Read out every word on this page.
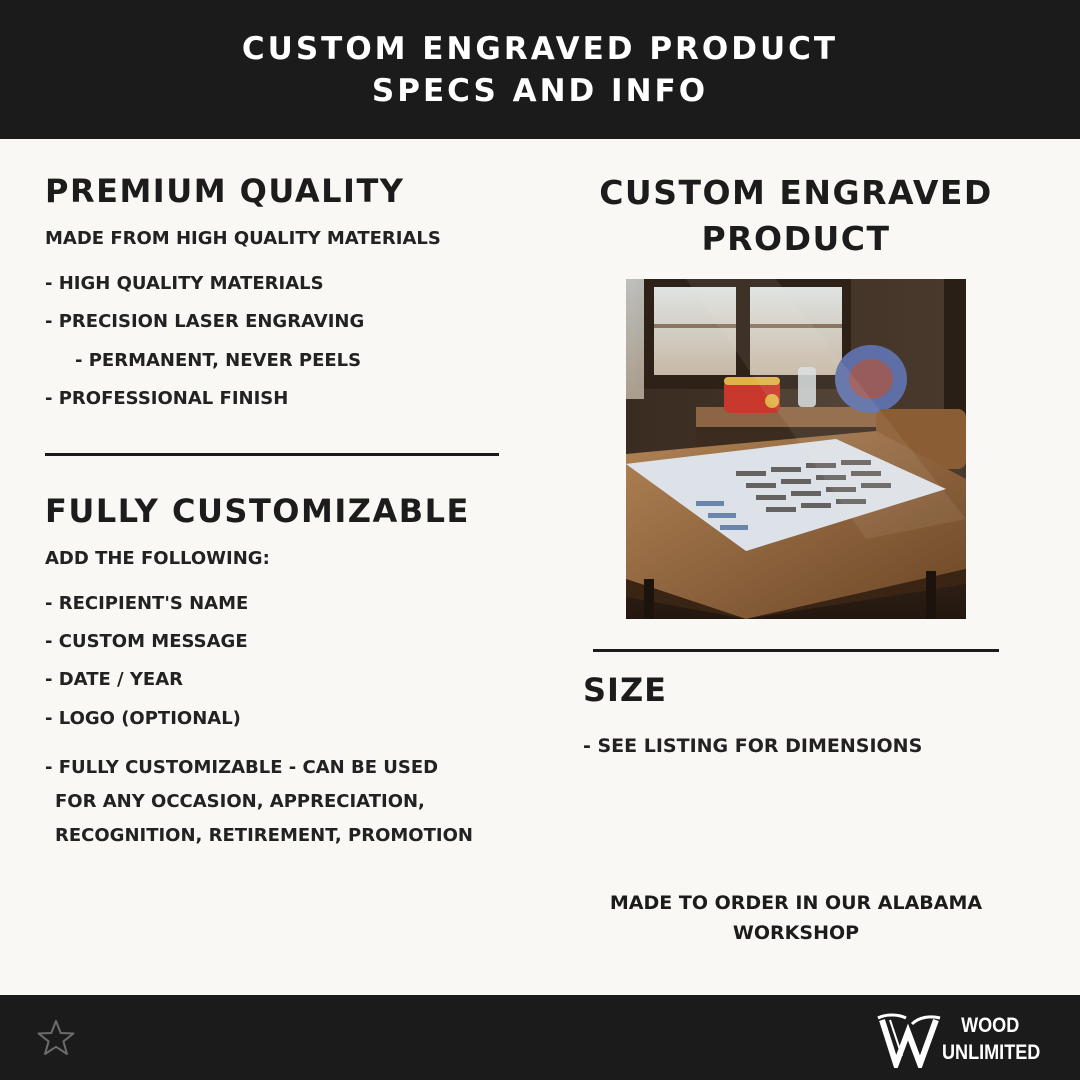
CUSTOM ENGRAVED PRODUCT
SPECS AND INFO
PREMIUM QUALITY
MADE FROM HIGH QUALITY MATERIALS
- HIGH QUALITY MATERIALS
- PRECISION LASER ENGRAVING
- PERMANENT, NEVER PEELS
- PROFESSIONAL FINISH
FULLY CUSTOMIZABLE
ADD THE FOLLOWING:
- RECIPIENT'S NAME
- CUSTOM MESSAGE
- DATE / YEAR
- LOGO (OPTIONAL)
- FULLY CUSTOMIZABLE - CAN BE USED
FOR ANY OCCASION, APPRECIATION,
RECOGNITION, RETIREMENT, PROMOTION
CUSTOM ENGRAVED
PRODUCT
SIZE
- SEE LISTING FOR DIMENSIONS
MADE TO ORDER IN OUR ALABAMA
WORKSHOP
WOOD
UNLIMITED
